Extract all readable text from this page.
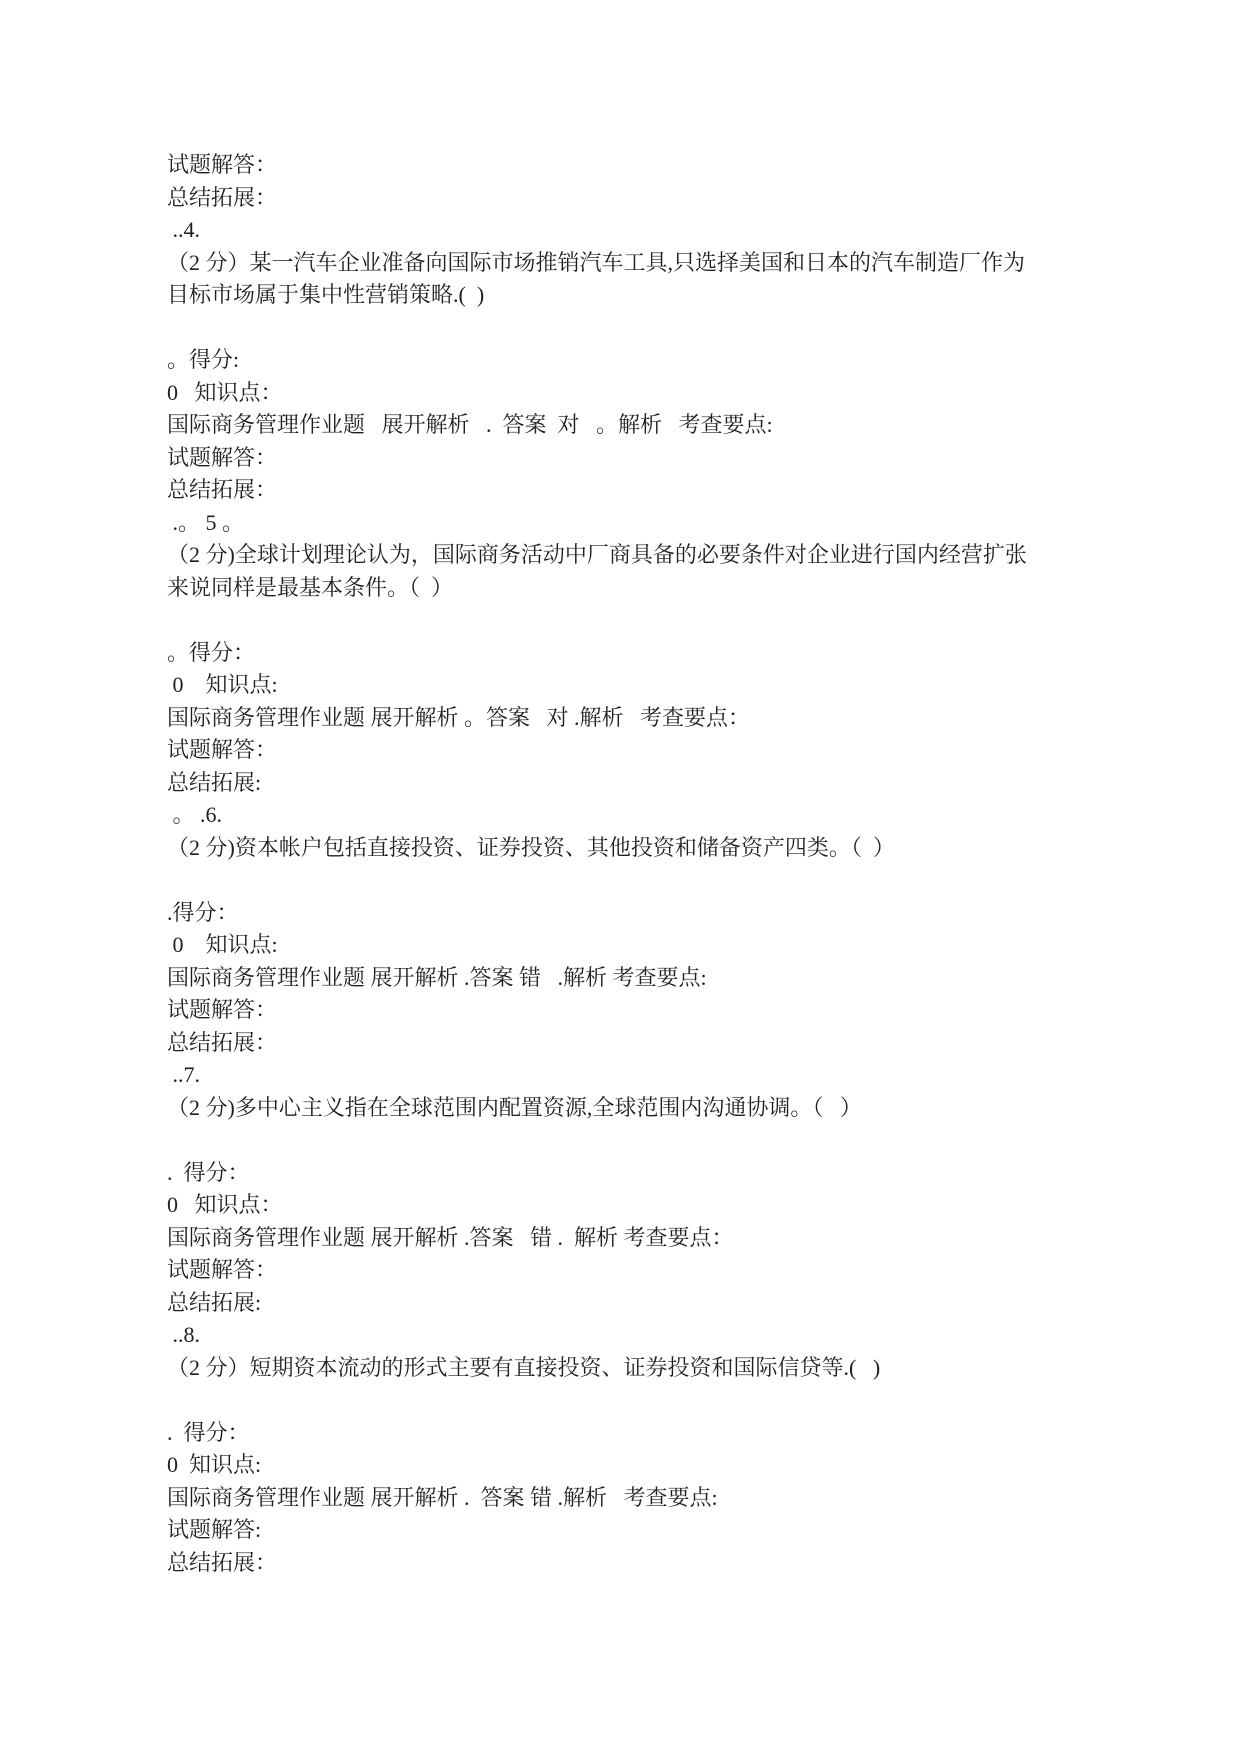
试题解答：
总结拓展：
..4.
（2 分）某一汽车企业准备向国际市场推销汽车工具,只选择美国和日本的汽车制造厂作为
目标市场属于集中性营销策略.(  )
。得分:
0   知识点：
国际商务管理作业题   展开解析   .  答案  对   。解析   考查要点:
试题解答：
总结拓展：
.。 5 。
（2 分)全球计划理论认为，国际商务活动中厂商具备的必要条件对企业进行国内经营扩张
来说同样是最基本条件。（  ）
。得分：
0    知识点:
国际商务管理作业题 展开解析 。答案   对 .解析   考查要点：
试题解答：
总结拓展:
。 .6.
（2 分)资本帐户包括直接投资、证券投资、其他投资和储备资产四类。（  ）
.得分：
0    知识点:
国际商务管理作业题 展开解析 .答案 错   .解析 考查要点:
试题解答：
总结拓展：
..7.
（2 分)多中心主义指在全球范围内配置资源,全球范围内沟通协调。（   ）
.  得分：
0   知识点：
国际商务管理作业题 展开解析 .答案   错 .  解析 考查要点：
试题解答：
总结拓展:
..8.
（2 分）短期资本流动的形式主要有直接投资、证券投资和国际信贷等.(   )
.  得分：
0  知识点:
国际商务管理作业题 展开解析 .  答案 错 .解析   考查要点:
试题解答:
总结拓展：
